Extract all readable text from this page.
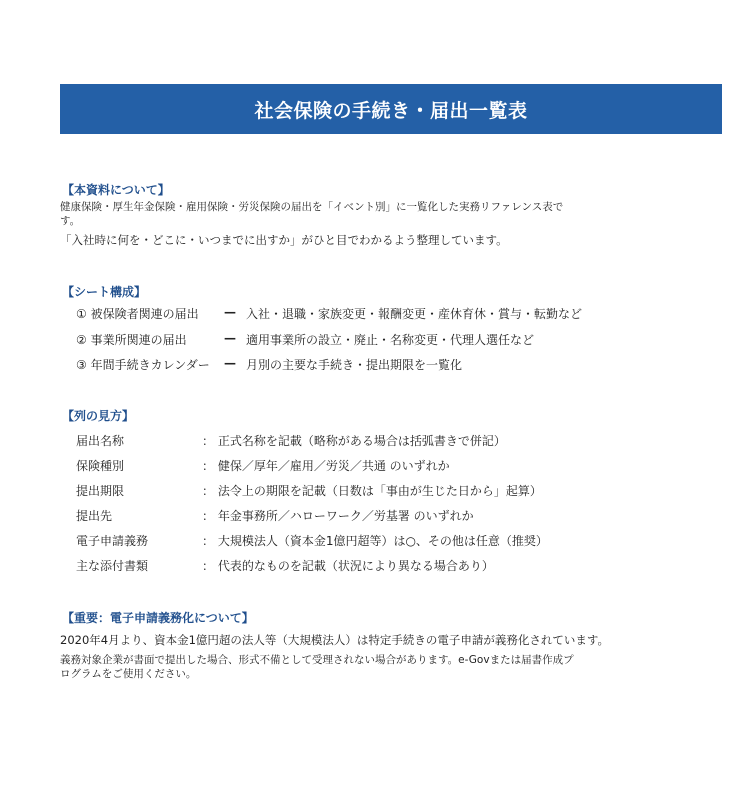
社会保険の手続き・届出一覧表
【本資料について】
健康保険・厚生年金保険・雇用保険・労災保険の届出を「イベント別」に一覧化した実務リファレンス表で
す。
「入社時に何を・どこに・いつまでに出すか」がひと目でわかるよう整理しています。
【シート構成】
① 被保険者関連の届出	— 入社・退職・家族変更・報酬変更・産休育休・賞与・転勤など
② 事業所関連の届出	— 適用事業所の設立・廃止・名称変更・代理人選任など
③ 年間手続きカレンダー	— 月別の主要な手続き・提出期限を一覧化
【列の見方】
届出名称	： 正式名称を記載（略称がある場合は括弧書きで併記）
保険種別	： 健保／厚年／雇用／労災／共通 のいずれか
提出期限	： 法令上の期限を記載（日数は「事由が生じた日から」起算）
提出先	： 年金事務所／ハローワーク／労基署 のいずれか
電子申請義務	： 大規模法人（資本金1億円超等）は○、その他は任意（推奨）
主な添付書類	： 代表的なものを記載（状況により異なる場合あり）
【重要：電子申請義務化について】
2020年4月より、資本金1億円超の法人等（大規模法人）は特定手続きの電子申請が義務化されています。
義務対象企業が書面で提出した場合、形式不備として受理されない場合があります。e-Govまたは届書作成プ
ログラムをご使用ください。
